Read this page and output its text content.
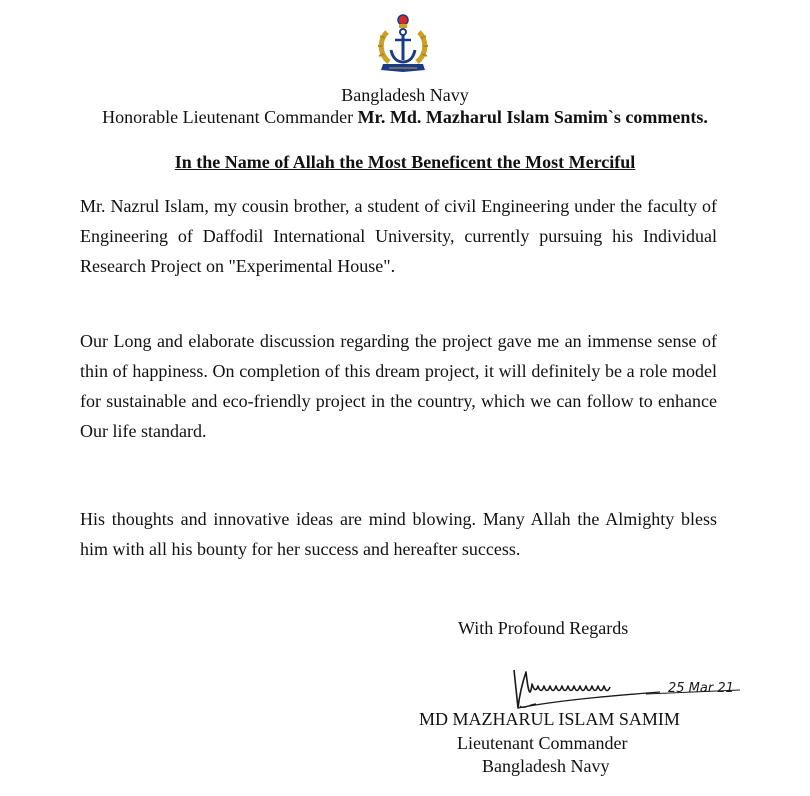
Bangladesh Navy
Honorable Lieutenant Commander Mr. Md. Mazharul Islam Samim`s comments.
In the Name of Allah the Most Beneficent the Most Merciful

Mr. Nazrul Islam, my cousin brother, a student of civil Engineering under the faculty of Engineering of Daffodil International University, currently pursuing his Individual Research Project on "Experimental House".

Our Long and elaborate discussion regarding the project gave me an immense sense of thin of happiness. On completion of this dream project, it will definitely be a role model for sustainable and eco-friendly project in the country, which we can follow to enhance Our life standard.

His thoughts and innovative ideas are mind blowing. Many Allah the Almighty bless him with all his bounty for her success and hereafter success.

With Profound Regards
25 Mar 21
MD MAZHARUL ISLAM SAMIM
Lieutenant Commander
Bangladesh Navy
